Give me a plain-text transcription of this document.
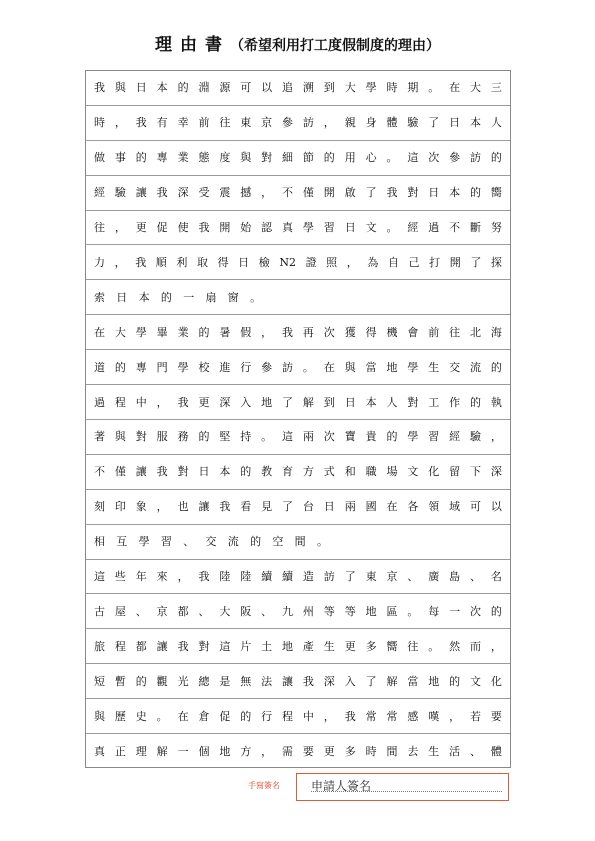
理由書（希望利用打工度假制度的理由）
我 與 日 本 的 淵 源 可 以 追 溯 到 大 學 時 期 。 在 大 三
時 ， 我 有 幸 前 往 東 京 參 訪 ， 親 身 體 驗 了 日 本 人
做 事 的 專 業 態 度 與 對 細 節 的 用 心 。 這 次 參 訪 的
經 驗 讓 我 深 受 震 撼 ， 不 僅 開 啟 了 我 對 日 本 的 嚮
往 ， 更 促 使 我 開 始 認 真 學 習 日 文 。 經 過 不 斷 努
力 ， 我 順 利 取 得 日 檢 N2 證 照 ， 為 自 己 打 開 了 探
索 日 本 的 一 扇 窗 。
在 大 學 畢 業 的 暑 假 ， 我 再 次 獲 得 機 會 前 往 北 海
道 的 專 門 學 校 進 行 參 訪 。 在 與 當 地 學 生 交 流 的
過 程 中 ， 我 更 深 入 地 了 解 到 日 本 人 對 工 作 的 執
著 與 對 服 務 的 堅 持 。 這 兩 次 寶 貴 的 學 習 經 驗 ，
不 僅 讓 我 對 日 本 的 教 育 方 式 和 職 場 文 化 留 下 深
刻 印 象 ， 也 讓 我 看 見 了 台 日 兩 國 在 各 領 域 可 以
相 互 學 習 、 交 流 的 空 間 。
這 些 年 來 ， 我 陸 陸 續 續 造 訪 了 東 京 、 廣 島 、 名
古 屋 、 京 都 、 大 阪 、 九 州 等 等 地 區 。 每 一 次 的
旅 程 都 讓 我 對 這 片 土 地 產 生 更 多 嚮 往 。 然 而 ，
短 暫 的 觀 光 總 是 無 法 讓 我 深 入 了 解 當 地 的 文 化
與 歷 史 。 在 倉 促 的 行 程 中 ， 我 常 常 感 嘆 ， 若 要
真 正 理 解 一 個 地 方 ， 需 要 更 多 時 間 去 生 活 、 體
手寫簽名	申請人簽名
